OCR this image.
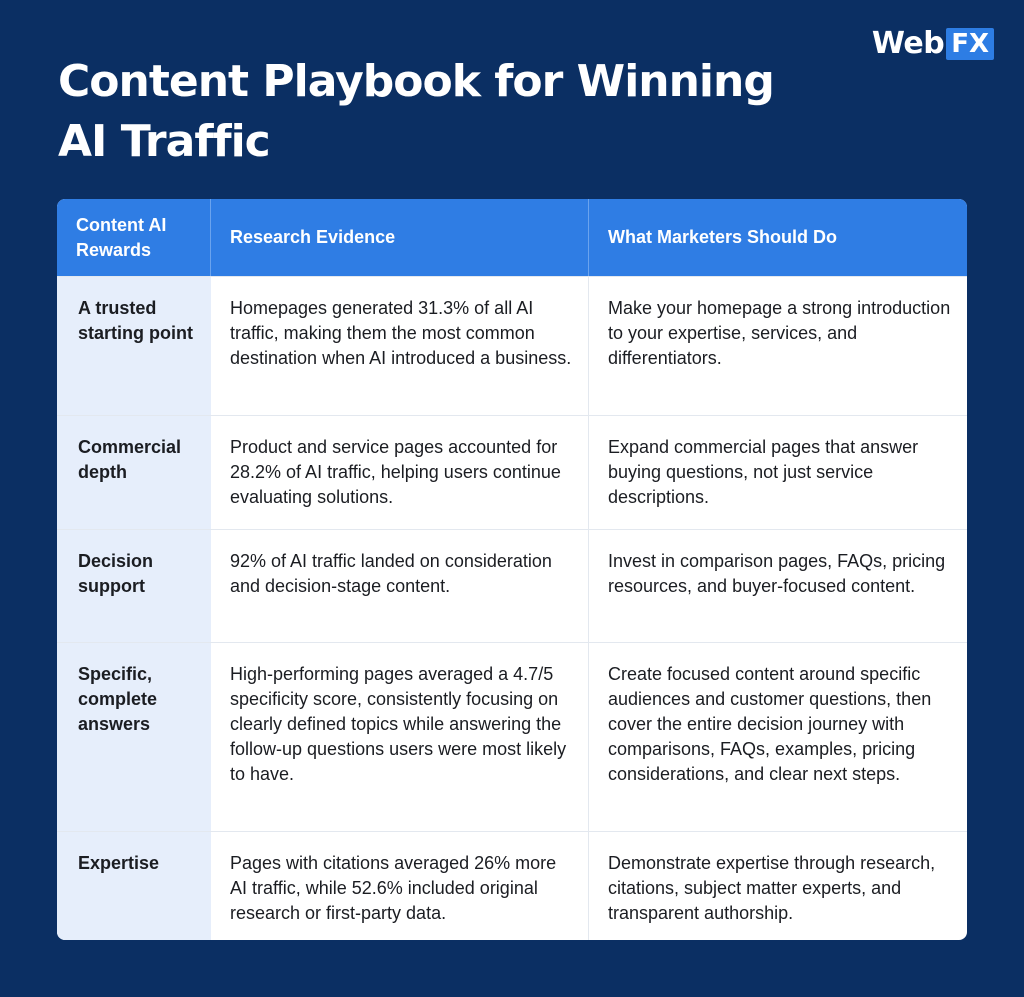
Web FX
Content Playbook for Winning
AI Traffic
Content AI Rewards
Research Evidence	What Marketers Should Do
A trusted starting point
Homepages generated 31.3% of all AI traffic, making them the most common destination when AI introduced a business.
Make your homepage a strong introduction to your expertise, services, and differentiators.
Commercial depth
Product and service pages accounted for 28.2% of AI traffic, helping users continue evaluating solutions.
Expand commercial pages that answer buying questions, not just service descriptions.
Decision support
92% of AI traffic landed on consideration and decision-stage content.
Invest in comparison pages, FAQs, pricing resources, and buyer-focused content.
Specific, complete answers
High-performing pages averaged a 4.7/5 specificity score, consistently focusing on clearly defined topics while answering the follow-up questions users were most likely to have.
Create focused content around specific audiences and customer questions, then cover the entire decision journey with comparisons, FAQs, examples, pricing considerations, and clear next steps.
Expertise	Pages with citations averaged 26% more AI traffic, while 52.6% included original research or first-party data.
Demonstrate expertise through research, citations, subject matter experts, and transparent authorship.
